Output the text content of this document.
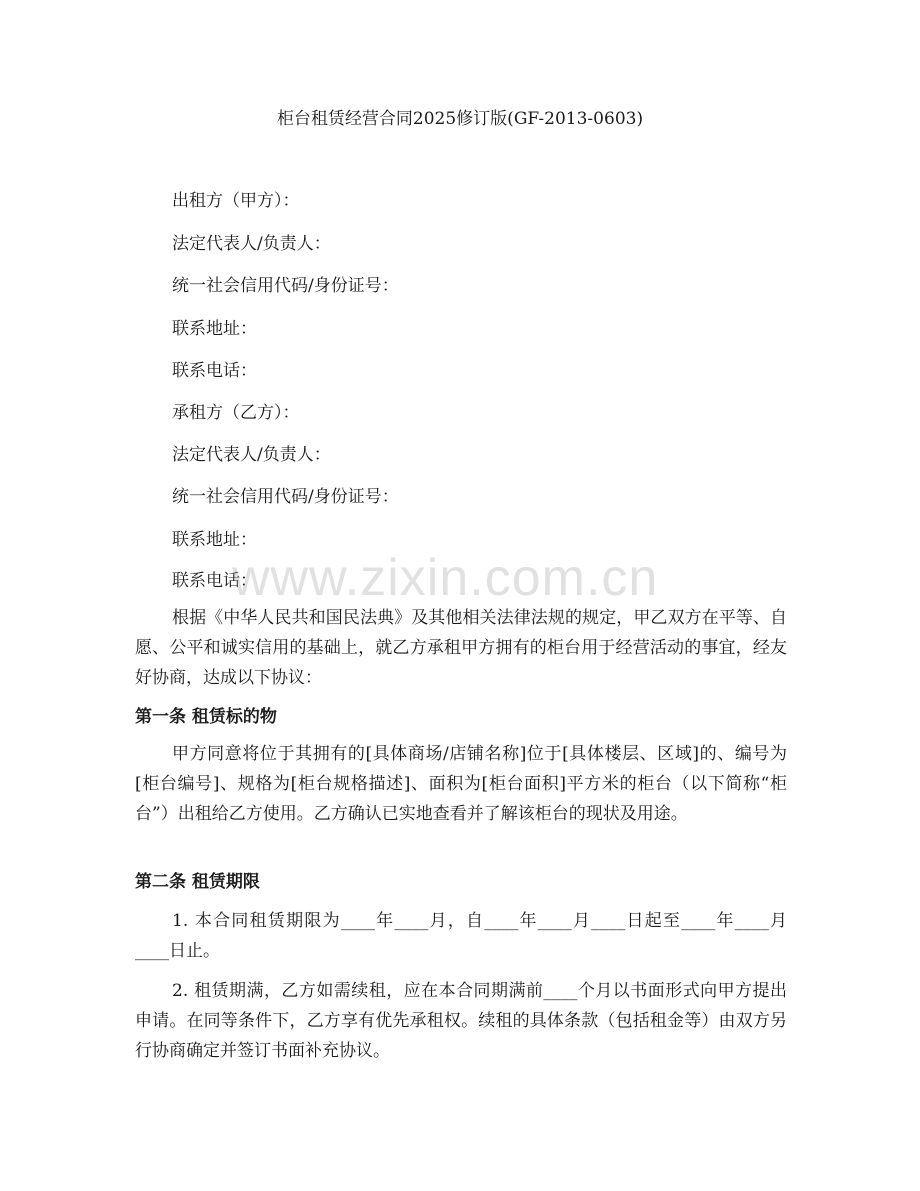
柜台租赁经营合同2025修订版(GF-2013-0603)

出租方（甲方）：

法定代表人/负责人：

统一社会信用代码/身份证号：

联系地址：

联系电话：

承租方（乙方）：

法定代表人/负责人：

统一社会信用代码/身份证号：

联系地址：

联系电话：

根据《中华人民共和国民法典》及其他相关法律法规的规定，甲乙双方在平等、自愿、公平和诚实信用的基础上，就乙方承租甲方拥有的柜台用于经营活动的事宜，经友好协商，达成以下协议：

第一条 租赁标的物

甲方同意将位于其拥有的[具体商场/店铺名称]位于[具体楼层、区域]的、编号为[柜台编号]、规格为[柜台规格描述]、面积为[柜台面积]平方米的柜台（以下简称“柜台”）出租给乙方使用。乙方确认已实地查看并了解该柜台的现状及用途。

第二条 租赁期限

1. 本合同租赁期限为____年____月，自____年____月____日起至____年____月____日止。

2. 租赁期满，乙方如需续租，应在本合同期满前____个月以书面形式向甲方提出申请。在同等条件下，乙方享有优先承租权。续租的具体条款（包括租金等）由双方另行协商确定并签订书面补充协议。

www.zixin.com.cn
